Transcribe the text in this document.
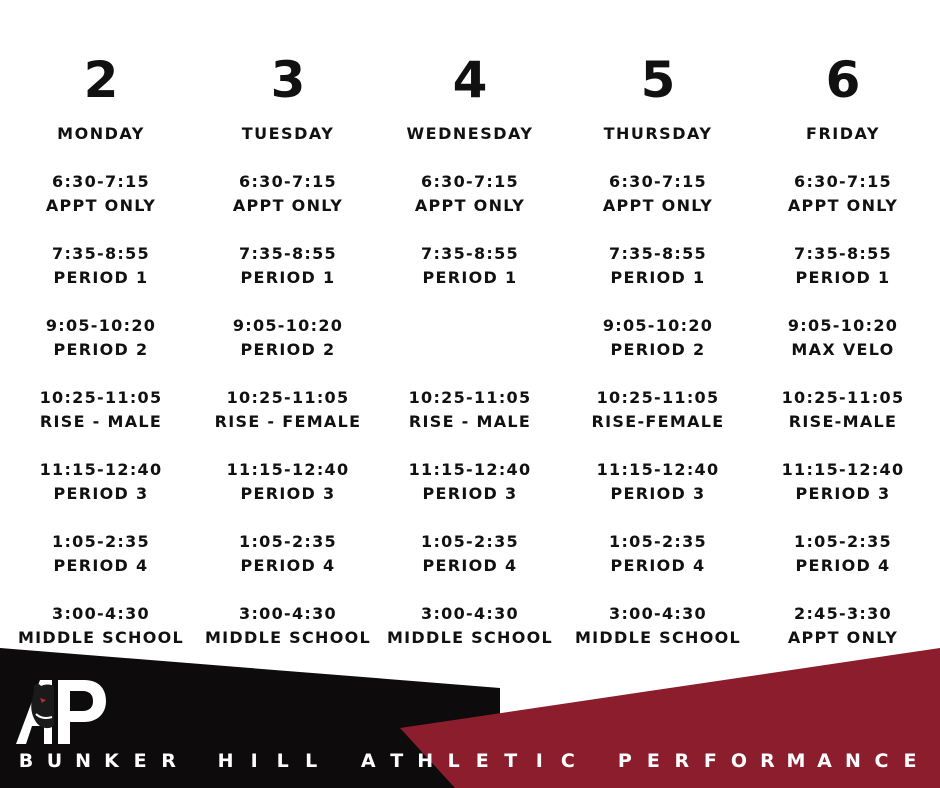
2
MONDAY
6:30-7:15
APPT ONLY
7:35-8:55
PERIOD 1
9:05-10:20
PERIOD 2
10:25-11:05
RISE - MALE
11:15-12:40
PERIOD 3
1:05-2:35
PERIOD 4
3:00-4:30
MIDDLE SCHOOL
3
TUESDAY
6:30-7:15
APPT ONLY
7:35-8:55
PERIOD 1
9:05-10:20
PERIOD 2
10:25-11:05
RISE - FEMALE
11:15-12:40
PERIOD 3
1:05-2:35
PERIOD 4
3:00-4:30
MIDDLE SCHOOL
4
WEDNESDAY
6:30-7:15
APPT ONLY
7:35-8:55
PERIOD 1
10:25-11:05
RISE - MALE
11:15-12:40
PERIOD 3
1:05-2:35
PERIOD 4
3:00-4:30
MIDDLE SCHOOL
5
THURSDAY
6:30-7:15
APPT ONLY
7:35-8:55
PERIOD 1
9:05-10:20
PERIOD 2
10:25-11:05
RISE-FEMALE
11:15-12:40
PERIOD 3
1:05-2:35
PERIOD 4
3:00-4:30
MIDDLE SCHOOL
6
FRIDAY
6:30-7:15
APPT ONLY
7:35-8:55
PERIOD 1
9:05-10:20
MAX VELO
10:25-11:05
RISE-MALE
11:15-12:40
PERIOD 3
1:05-2:35
PERIOD 4
2:45-3:30
APPT ONLY
B U N K E R H I L L A T H L E T I C P E R F O R M A N C E
